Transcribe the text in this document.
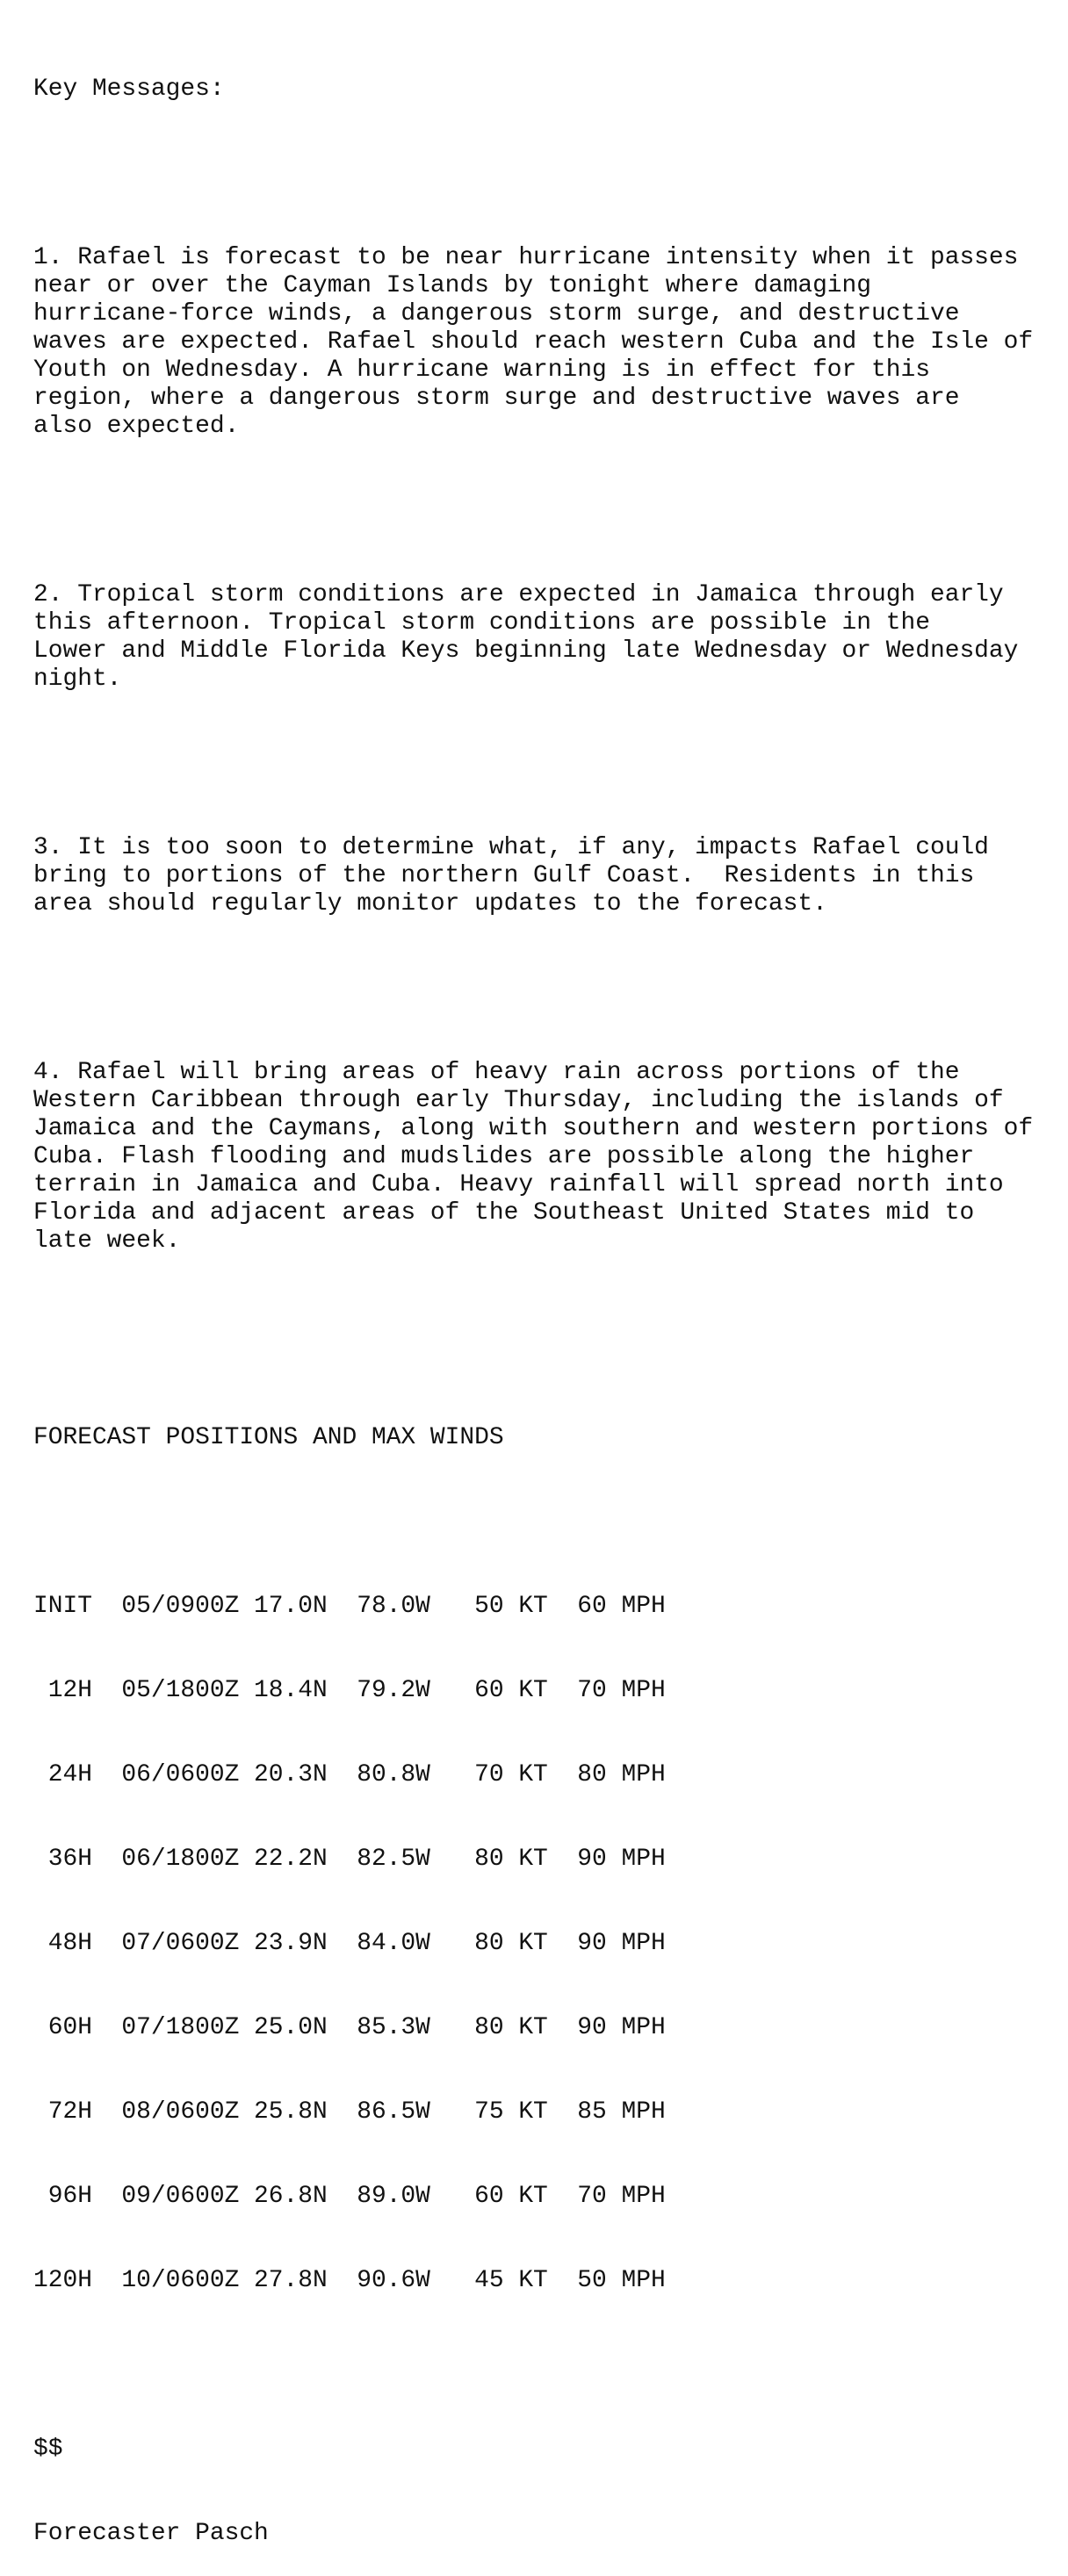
Key Messages:

1. Rafael is forecast to be near hurricane intensity when it passes
near or over the Cayman Islands by tonight where damaging
hurricane-force winds, a dangerous storm surge, and destructive
waves are expected. Rafael should reach western Cuba and the Isle of
Youth on Wednesday. A hurricane warning is in effect for this
region, where a dangerous storm surge and destructive waves are
also expected.

2. Tropical storm conditions are expected in Jamaica through early
this afternoon. Tropical storm conditions are possible in the
Lower and Middle Florida Keys beginning late Wednesday or Wednesday
night.

3. It is too soon to determine what, if any, impacts Rafael could
bring to portions of the northern Gulf Coast.  Residents in this
area should regularly monitor updates to the forecast.

4. Rafael will bring areas of heavy rain across portions of the
Western Caribbean through early Thursday, including the islands of
Jamaica and the Caymans, along with southern and western portions of
Cuba. Flash flooding and mudslides are possible along the higher
terrain in Jamaica and Cuba. Heavy rainfall will spread north into
Florida and adjacent areas of the Southeast United States mid to
late week.

FORECAST POSITIONS AND MAX WINDS

INIT  05/0900Z 17.0N  78.0W   50 KT  60 MPH

12H  05/1800Z 18.4N  79.2W   60 KT  70 MPH

24H  06/0600Z 20.3N  80.8W   70 KT  80 MPH

36H  06/1800Z 22.2N  82.5W   80 KT  90 MPH

48H  07/0600Z 23.9N  84.0W   80 KT  90 MPH

60H  07/1800Z 25.0N  85.3W   80 KT  90 MPH

72H  08/0600Z 25.8N  86.5W   75 KT  85 MPH

96H  09/0600Z 26.8N  89.0W   60 KT  70 MPH

120H  10/0600Z 27.8N  90.6W   45 KT  50 MPH

$$

Forecaster Pasch
